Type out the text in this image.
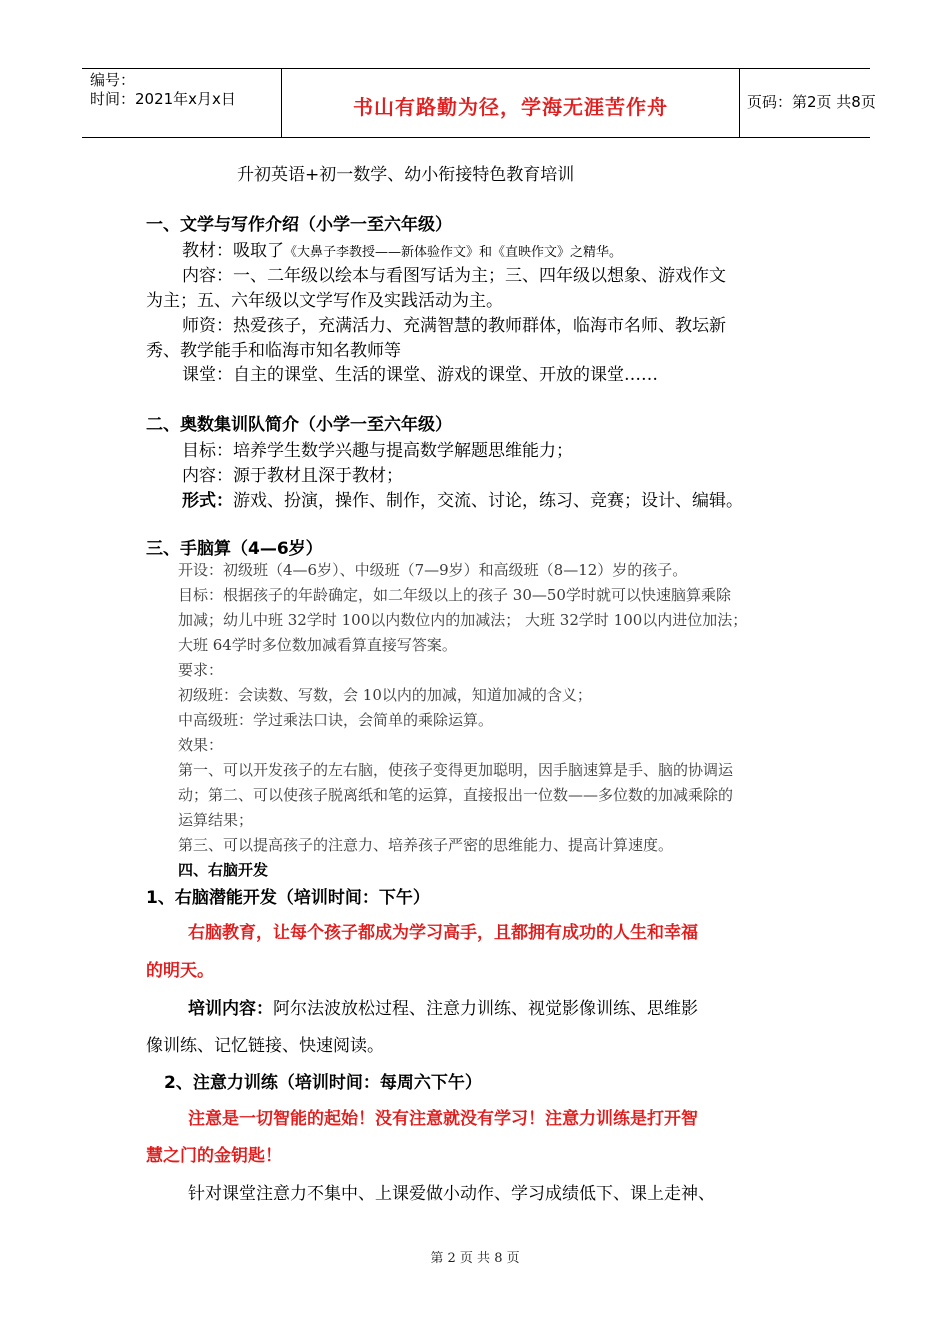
编号：
时间：2021年x月x日	书山有路勤为径，学海无涯苦作舟	页码：第2页 共8页
升初英语+初一数学、幼小衔接特色教育培训
一、文学与写作介绍（小学一至六年级）
教材：吸取了《大鼻子李教授——新体验作文》和《直映作文》之精华。
内容：一、二年级以绘本与看图写话为主；三、四年级以想象、游戏作文
为主；五、六年级以文学写作及实践活动为主。
师资：热爱孩子，充满活力、充满智慧的教师群体，临海市名师、教坛新
秀、教学能手和临海市知名教师等
课堂：自主的课堂、生活的课堂、游戏的课堂、开放的课堂……
二、奥数集训队简介（小学一至六年级）
目标：培养学生数学兴趣与提高数学解题思维能力；
内容：源于教材且深于教材；
形式：游戏、扮演，操作、制作，交流、讨论，练习、竞赛；设计、编辑。
三、手脑算（4—6岁）
开设：初级班（4—6岁）、中级班（7—9岁）和高级班（8—12）岁的孩子。
目标：根据孩子的年龄确定，如二年级以上的孩子 30—50学时就可以快速脑算乘除
加减；幼儿中班 32学时 100以内数位内的加减法； 大班 32学时 100以内进位加法；
大班 64学时多位数加减看算直接写答案。
要求：
初级班：会读数、写数，会 10以内的加减，知道加减的含义；
中高级班：学过乘法口诀，会简单的乘除运算。
效果：
第一、可以开发孩子的左右脑，使孩子变得更加聪明，因手脑速算是手、脑的协调运
动；第二、可以使孩子脱离纸和笔的运算，直接报出一位数——多位数的加减乘除的
运算结果；
第三、可以提高孩子的注意力、培养孩子严密的思维能力、提高计算速度。
四、右脑开发
1、右脑潜能开发（培训时间：下午）
右脑教育，让每个孩子都成为学习高手，且都拥有成功的人生和幸福
的明天。
培训内容：阿尔法波放松过程、注意力训练、视觉影像训练、思维影
像训练、记忆链接、快速阅读。
2、注意力训练（培训时间：每周六下午）
注意是一切智能的起始！没有注意就没有学习！注意力训练是打开智
慧之门的金钥匙！
针对课堂注意力不集中、上课爱做小动作、学习成绩低下、课上走神、
第 2 页 共 8 页
